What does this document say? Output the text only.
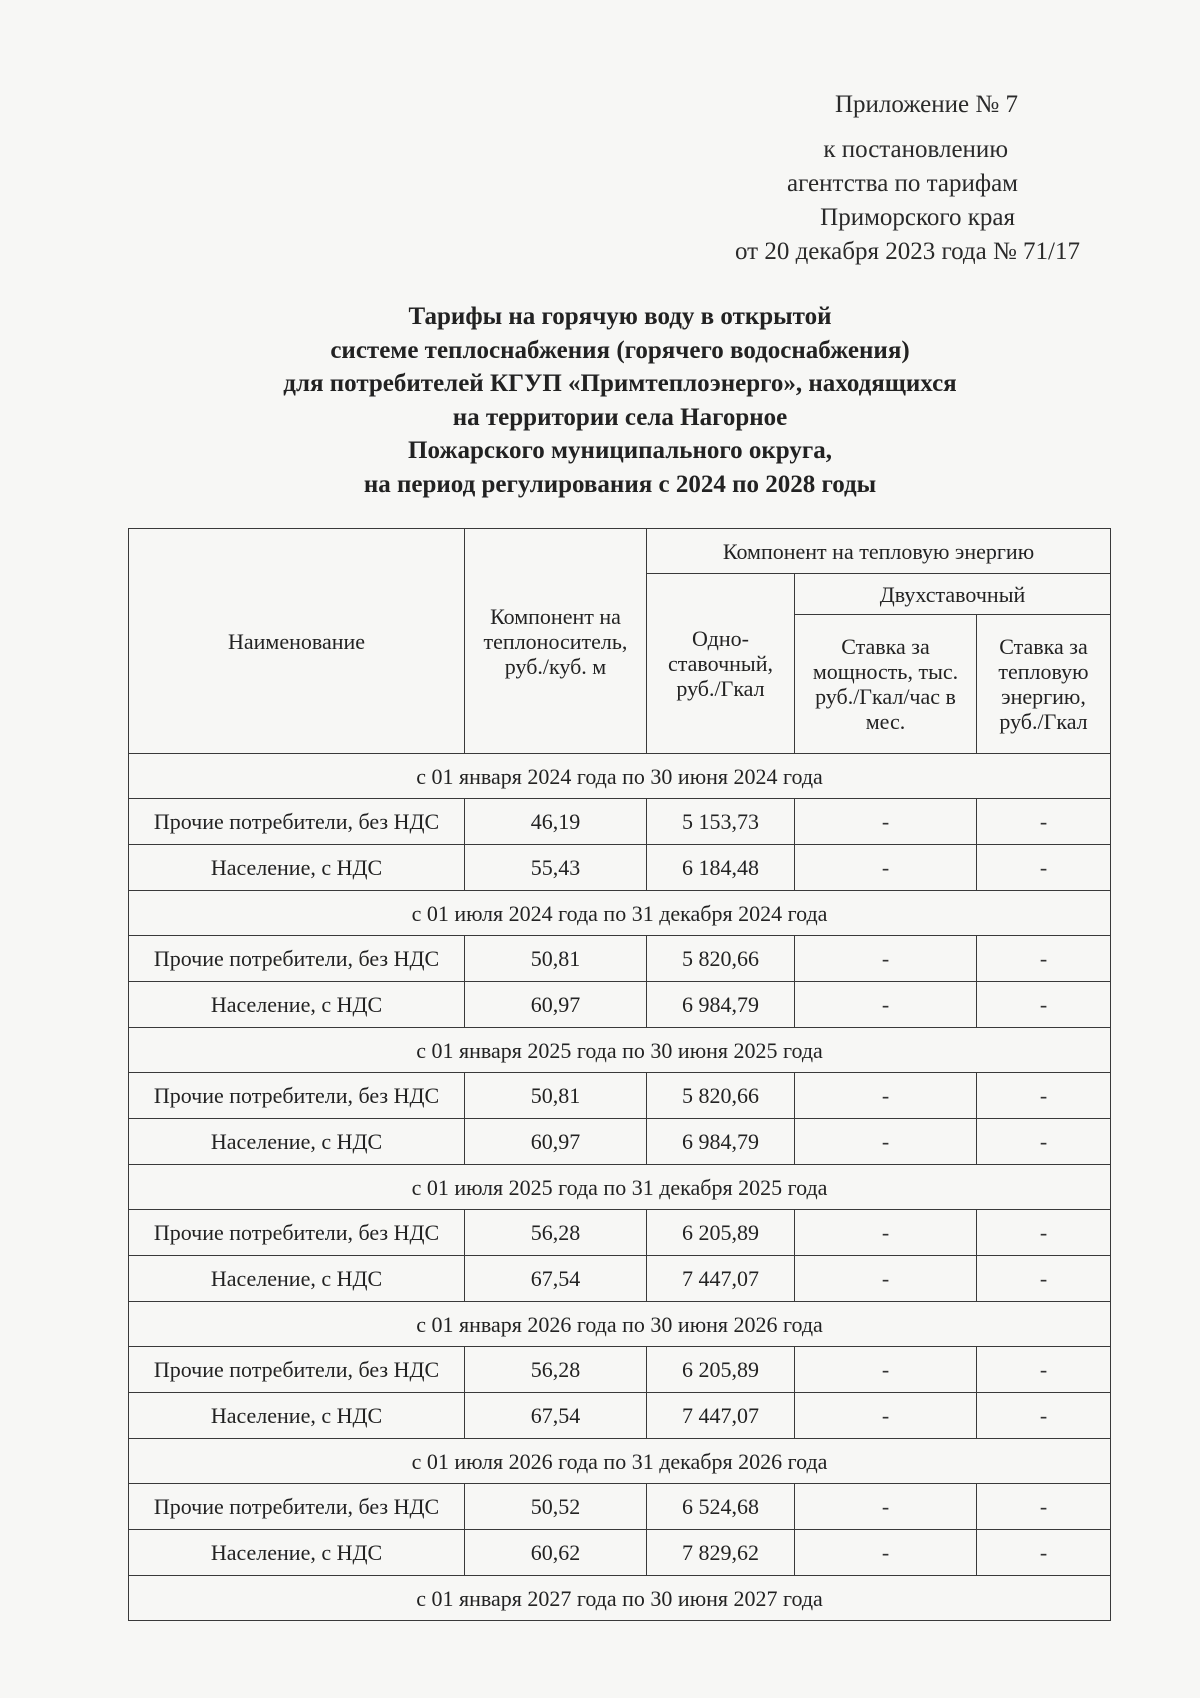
Приложение № 7
к постановлению
агентства по тарифам
Приморского края
от 20 декабря 2023 года № 71/17
Тарифы на горячую воду в открытой
системе теплоснабжения (горячего водоснабжения)
для потребителей КГУП «Примтеплоэнерго», находящихся
на территории села Нагорное
Пожарского муниципального округа,
на период регулирования с 2024 по 2028 годы
Наименование	Компонент на теплоноситель, руб./куб. м	Компонент на тепловую энергию		
		Одно-ставочный, руб./Гкал	Двухставочный	
			Ставка за мощность, тыс. руб./Гкал/час в мес.	Ставка за тепловую энергию, руб./Гкал
с 01 января 2024 года по 30 июня 2024 года				
Прочие потребители, без НДС	46,19	5 153,73	-	-
Население, с НДС	55,43	6 184,48	-	-
с 01 июля 2024 года по 31 декабря 2024 года				
Прочие потребители, без НДС	50,81	5 820,66	-	-
Население, с НДС	60,97	6 984,79	-	-
с 01 января 2025 года по 30 июня 2025 года				
Прочие потребители, без НДС	50,81	5 820,66	-	-
Население, с НДС	60,97	6 984,79	-	-
с 01 июля 2025 года по 31 декабря 2025 года				
Прочие потребители, без НДС	56,28	6 205,89	-	-
Население, с НДС	67,54	7 447,07	-	-
с 01 января 2026 года по 30 июня 2026 года				
Прочие потребители, без НДС	56,28	6 205,89	-	-
Население, с НДС	67,54	7 447,07	-	-
с 01 июля 2026 года по 31 декабря 2026 года				
Прочие потребители, без НДС	50,52	6 524,68	-	-
Население, с НДС	60,62	7 829,62	-	-
с 01 января 2027 года по 30 июня 2027 года				
